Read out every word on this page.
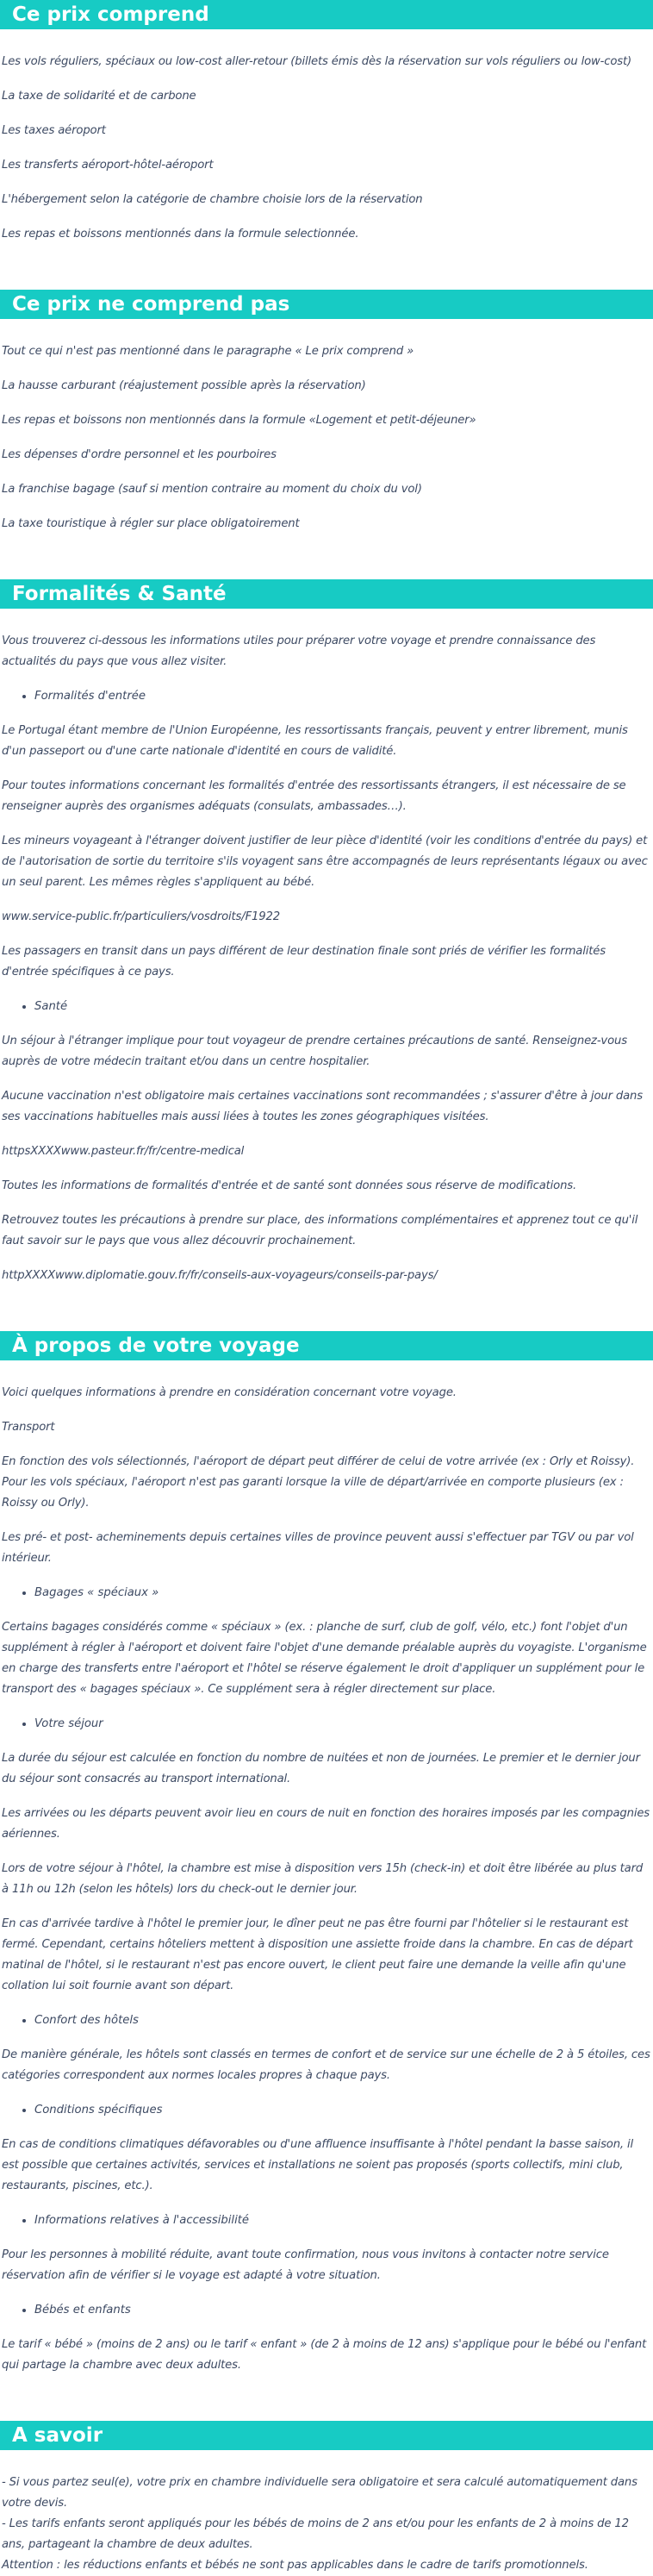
Ce prix comprend

Les vols réguliers, spéciaux ou low-cost aller-retour (billets émis dès la réservation sur vols réguliers ou low-cost)

La taxe de solidarité et de carbone

Les taxes aéroport

Les transferts aéroport-hôtel-aéroport

L'hébergement selon la catégorie de chambre choisie lors de la réservation

Les repas et boissons mentionnés dans la formule selectionnée.

Ce prix ne comprend pas

Tout ce qui n'est pas mentionné dans le paragraphe « Le prix comprend »

La hausse carburant (réajustement possible après la réservation)

Les repas et boissons non mentionnés dans la formule «Logement et petit-déjeuner»

Les dépenses d'ordre personnel et les pourboires

La franchise bagage (sauf si mention contraire au moment du choix du vol)

La taxe touristique à régler sur place obligatoirement

Formalités & Santé

Vous trouverez ci-dessous les informations utiles pour préparer votre voyage et prendre connaissance des actualités du pays que vous allez visiter.

• Formalités d'entrée

Le Portugal étant membre de l'Union Européenne, les ressortissants français, peuvent y entrer librement, munis d'un passeport ou d'une carte nationale d'identité en cours de validité.

Pour toutes informations concernant les formalités d'entrée des ressortissants étrangers, il est nécessaire de se renseigner auprès des organismes adéquats (consulats, ambassades…).

Les mineurs voyageant à l'étranger doivent justifier de leur pièce d'identité (voir les conditions d'entrée du pays) et de l'autorisation de sortie du territoire s'ils voyagent sans être accompagnés de leurs représentants légaux ou avec un seul parent. Les mêmes règles s'appliquent au bébé.

www.service-public.fr/particuliers/vosdroits/F1922

Les passagers en transit dans un pays différent de leur destination finale sont priés de vérifier les formalités d'entrée spécifiques à ce pays.

• Santé

Un séjour à l'étranger implique pour tout voyageur de prendre certaines précautions de santé. Renseignez-vous auprès de votre médecin traitant et/ou dans un centre hospitalier.

Aucune vaccination n'est obligatoire mais certaines vaccinations sont recommandées ; s'assurer d'être à jour dans ses vaccinations habituelles mais aussi liées à toutes les zones géographiques visitées.

httpsXXXXwww.pasteur.fr/fr/centre-medical

Toutes les informations de formalités d'entrée et de santé sont données sous réserve de modifications.

Retrouvez toutes les précautions à prendre sur place, des informations complémentaires et apprenez tout ce qu'il faut savoir sur le pays que vous allez découvrir prochainement.

httpXXXXwww.diplomatie.gouv.fr/fr/conseils-aux-voyageurs/conseils-par-pays/

À propos de votre voyage

Voici quelques informations à prendre en considération concernant votre voyage.

Transport

En fonction des vols sélectionnés, l'aéroport de départ peut différer de celui de votre arrivée (ex : Orly et Roissy). Pour les vols spéciaux, l'aéroport n'est pas garanti lorsque la ville de départ/arrivée en comporte plusieurs (ex : Roissy ou Orly).

Les pré- et post- acheminements depuis certaines villes de province peuvent aussi s'effectuer par TGV ou par vol intérieur.

• Bagages « spéciaux »

Certains bagages considérés comme « spéciaux » (ex. : planche de surf, club de golf, vélo, etc.) font l'objet d'un supplément à régler à l'aéroport et doivent faire l'objet d'une demande préalable auprès du voyagiste. L'organisme en charge des transferts entre l'aéroport et l'hôtel se réserve également le droit d'appliquer un supplément pour le transport des « bagages spéciaux ». Ce supplément sera à régler directement sur place.

• Votre séjour

La durée du séjour est calculée en fonction du nombre de nuitées et non de journées. Le premier et le dernier jour du séjour sont consacrés au transport international.

Les arrivées ou les départs peuvent avoir lieu en cours de nuit en fonction des horaires imposés par les compagnies aériennes.

Lors de votre séjour à l'hôtel, la chambre est mise à disposition vers 15h (check-in) et doit être libérée au plus tard à 11h ou 12h (selon les hôtels) lors du check-out le dernier jour.

En cas d'arrivée tardive à l'hôtel le premier jour, le dîner peut ne pas être fourni par l'hôtelier si le restaurant est fermé. Cependant, certains hôteliers mettent à disposition une assiette froide dans la chambre. En cas de départ matinal de l'hôtel, si le restaurant n'est pas encore ouvert, le client peut faire une demande la veille afin qu'une collation lui soit fournie avant son départ.

• Confort des hôtels

De manière générale, les hôtels sont classés en termes de confort et de service sur une échelle de 2 à 5 étoiles, ces catégories correspondent aux normes locales propres à chaque pays.

• Conditions spécifiques

En cas de conditions climatiques défavorables ou d'une affluence insuffisante à l'hôtel pendant la basse saison, il est possible que certaines activités, services et installations ne soient pas proposés (sports collectifs, mini club, restaurants, piscines, etc.).

• Informations relatives à l'accessibilité

Pour les personnes à mobilité réduite, avant toute confirmation, nous vous invitons à contacter notre service réservation afin de vérifier si le voyage est adapté à votre situation.

• Bébés et enfants

Le tarif « bébé » (moins de 2 ans) ou le tarif « enfant » (de 2 à moins de 12 ans) s'applique pour le bébé ou l'enfant qui partage la chambre avec deux adultes.

A savoir

- Si vous partez seul(e), votre prix en chambre individuelle sera obligatoire et sera calculé automatiquement dans votre devis.

- Les tarifs enfants seront appliqués pour les bébés de moins de 2 ans et/ou pour les enfants de 2 à moins de 12 ans, partageant la chambre de deux adultes.

Attention : les réductions enfants et bébés ne sont pas applicables dans le cadre de tarifs promotionnels.
